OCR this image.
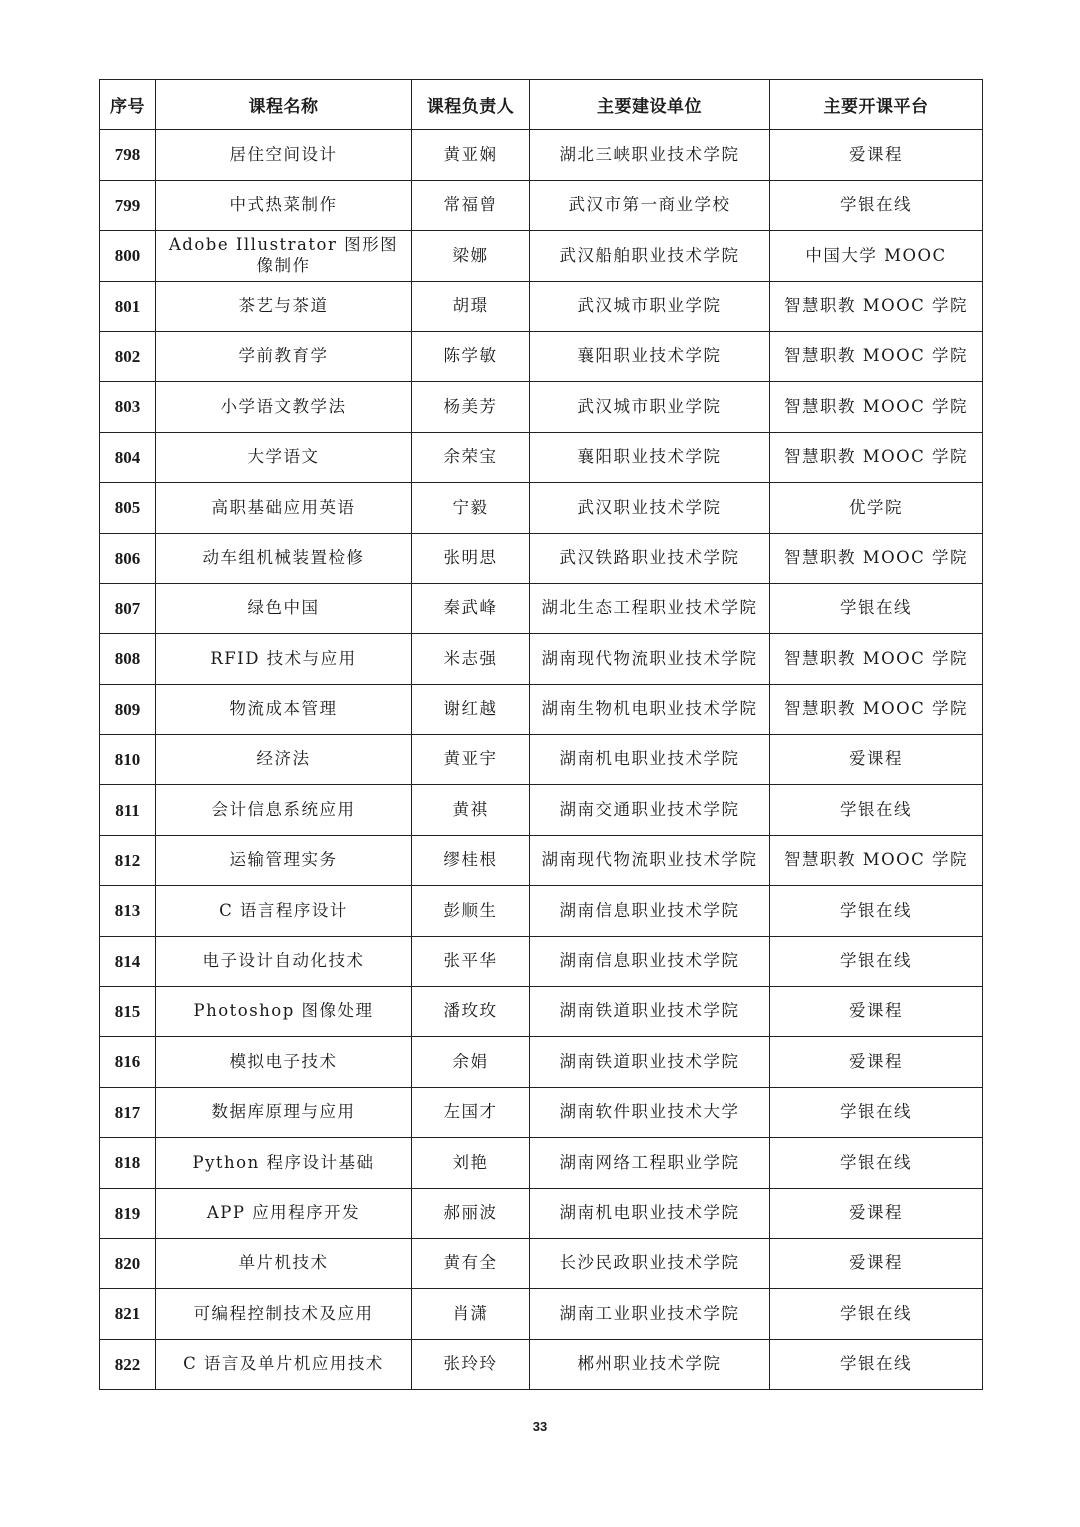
序号	课程名称	课程负责人	主要建设单位	主要开课平台
798	居住空间设计	黄亚娴	湖北三峡职业技术学院	爱课程
799	中式热菜制作	常福曾	武汉市第一商业学校	学银在线
800	Adobe Illustrator 图形图像制作	梁娜	武汉船舶职业技术学院	中国大学 MOOC
801	茶艺与茶道	胡璟	武汉城市职业学院	智慧职教 MOOC 学院
802	学前教育学	陈学敏	襄阳职业技术学院	智慧职教 MOOC 学院
803	小学语文教学法	杨美芳	武汉城市职业学院	智慧职教 MOOC 学院
804	大学语文	余荣宝	襄阳职业技术学院	智慧职教 MOOC 学院
805	高职基础应用英语	宁毅	武汉职业技术学院	优学院
806	动车组机械装置检修	张明思	武汉铁路职业技术学院	智慧职教 MOOC 学院
807	绿色中国	秦武峰	湖北生态工程职业技术学院	学银在线
808	RFID 技术与应用	米志强	湖南现代物流职业技术学院	智慧职教 MOOC 学院
809	物流成本管理	谢红越	湖南生物机电职业技术学院	智慧职教 MOOC 学院
810	经济法	黄亚宇	湖南机电职业技术学院	爱课程
811	会计信息系统应用	黄祺	湖南交通职业技术学院	学银在线
812	运输管理实务	缪桂根	湖南现代物流职业技术学院	智慧职教 MOOC 学院
813	C 语言程序设计	彭顺生	湖南信息职业技术学院	学银在线
814	电子设计自动化技术	张平华	湖南信息职业技术学院	学银在线
815	Photoshop 图像处理	潘玫玫	湖南铁道职业技术学院	爱课程
816	模拟电子技术	余娟	湖南铁道职业技术学院	爱课程
817	数据库原理与应用	左国才	湖南软件职业技术大学	学银在线
818	Python 程序设计基础	刘艳	湖南网络工程职业学院	学银在线
819	APP 应用程序开发	郝丽波	湖南机电职业技术学院	爱课程
820	单片机技术	黄有全	长沙民政职业技术学院	爱课程
821	可编程控制技术及应用	肖潇	湖南工业职业技术学院	学银在线
822	C 语言及单片机应用技术	张玲玲	郴州职业技术学院	学银在线
33
